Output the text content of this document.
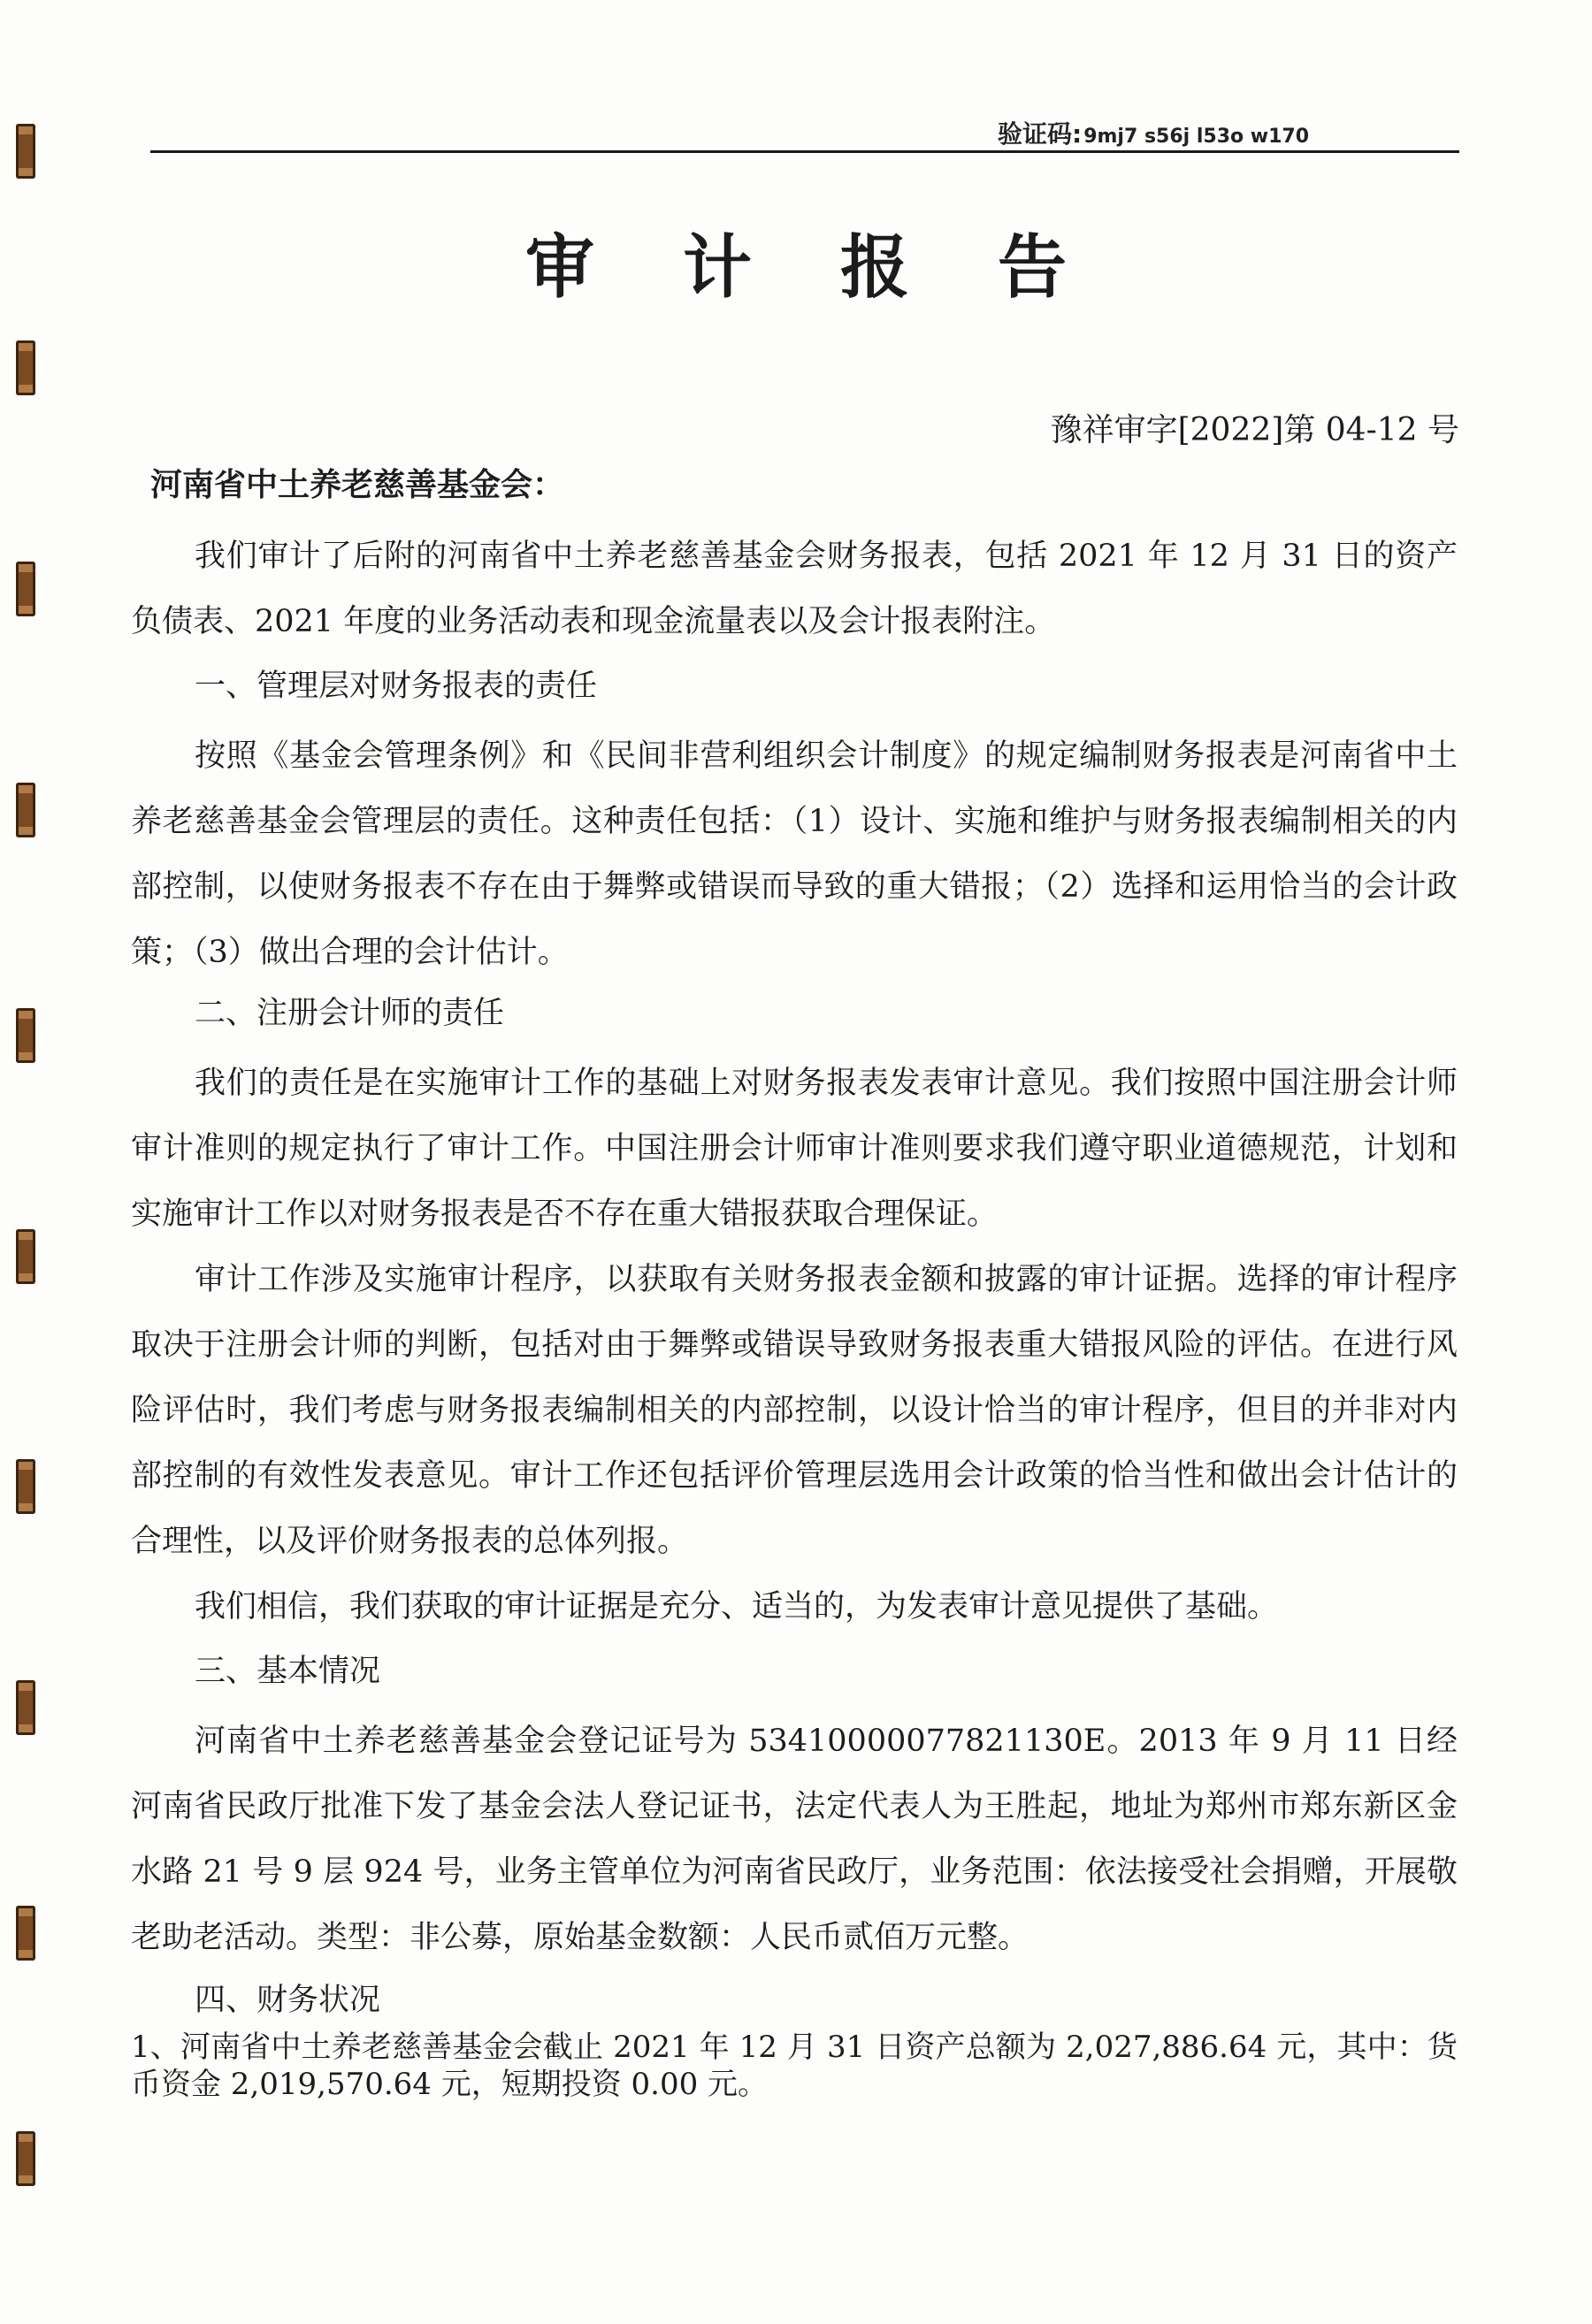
验证码:9mj7 s56j l53o w170
审 计 报 告
豫祥审字[2022]第 04-12 号
河南省中土养老慈善基金会：

我们审计了后附的河南省中土养老慈善基金会财务报表，包括 2021 年 12 月 31 日的资产负债表、2021 年度的业务活动表和现金流量表以及会计报表附注。

一、管理层对财务报表的责任

按照《基金会管理条例》和《民间非营利组织会计制度》的规定编制财务报表是河南省中土养老慈善基金会管理层的责任。这种责任包括：（1）设计、实施和维护与财务报表编制相关的内部控制，以使财务报表不存在由于舞弊或错误而导致的重大错报；（2）选择和运用恰当的会计政策；（3）做出合理的会计估计。

二、注册会计师的责任

我们的责任是在实施审计工作的基础上对财务报表发表审计意见。我们按照中国注册会计师审计准则的规定执行了审计工作。中国注册会计师审计准则要求我们遵守职业道德规范，计划和实施审计工作以对财务报表是否不存在重大错报获取合理保证。

审计工作涉及实施审计程序，以获取有关财务报表金额和披露的审计证据。选择的审计程序取决于注册会计师的判断，包括对由于舞弊或错误导致财务报表重大错报风险的评估。在进行风险评估时，我们考虑与财务报表编制相关的内部控制，以设计恰当的审计程序，但目的并非对内部控制的有效性发表意见。审计工作还包括评价管理层选用会计政策的恰当性和做出会计估计的合理性，以及评价财务报表的总体列报。

我们相信，我们获取的审计证据是充分、适当的，为发表审计意见提供了基础。

三、基本情况

河南省中土养老慈善基金会登记证号为 53410000077821130E。2013 年 9 月 11 日经河南省民政厅批准下发了基金会法人登记证书，法定代表人为王胜起，地址为郑州市郑东新区金水路 21 号 9 层 924 号，业务主管单位为河南省民政厅，业务范围：依法接受社会捐赠，开展敬老助老活动。类型：非公募，原始基金数额：人民币贰佰万元整。

四、财务状况

1、河南省中土养老慈善基金会截止 2021 年 12 月 31 日资产总额为 2,027,886.64 元，其中：货币资金 2,019,570.64 元，短期投资 0.00 元。
